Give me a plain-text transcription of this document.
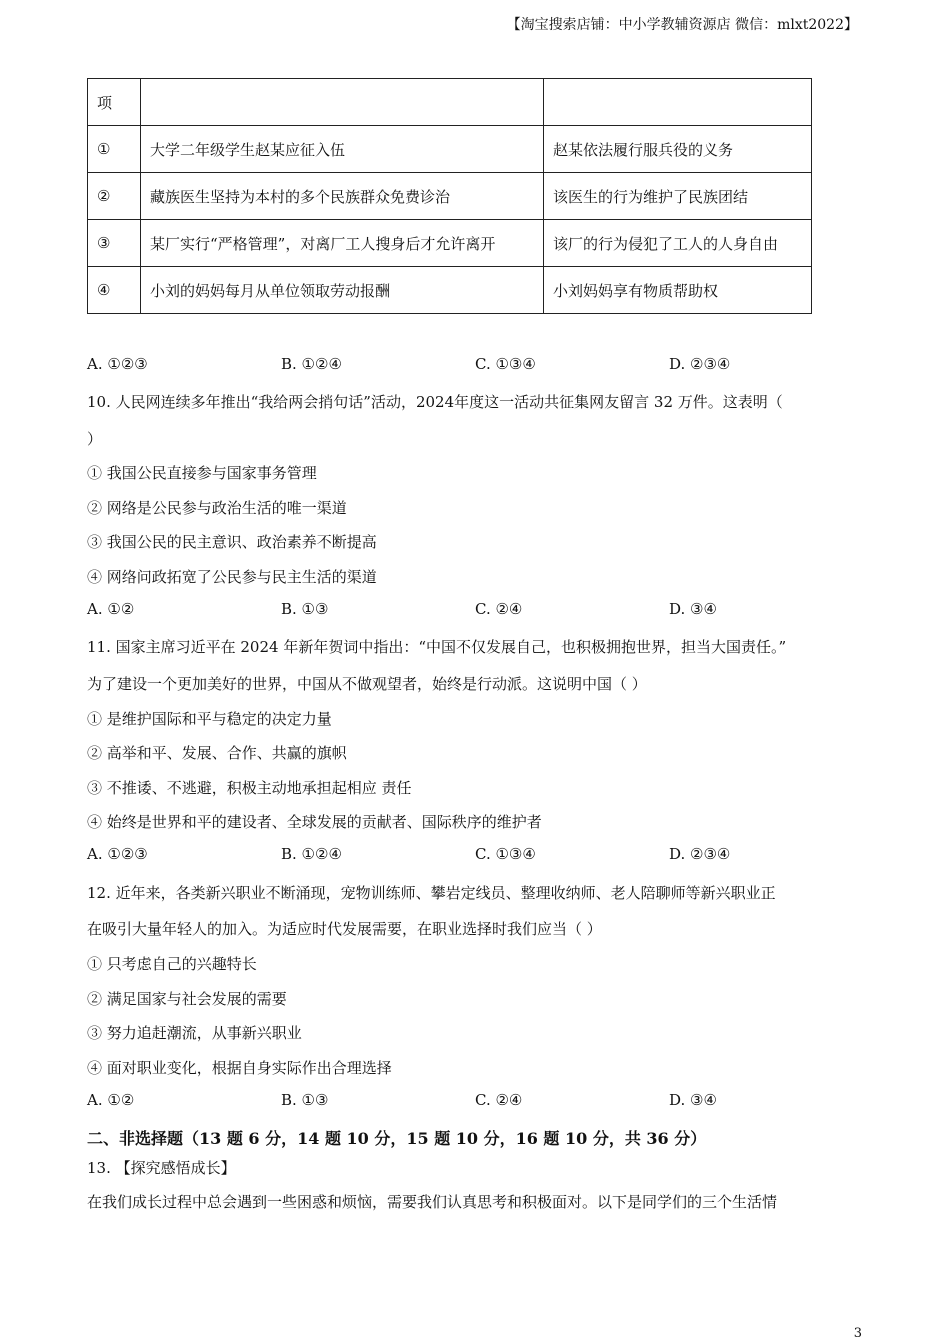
【淘宝搜索店铺：中小学教辅资源店 微信：mlxt2022】
项		
①	大学二年级学生赵某应征入伍	赵某依法履行服兵役的义务
②	藏族医生坚持为本村的多个民族群众免费诊治	该医生的行为维护了民族团结
③	某厂实行“严格管理”，对离厂工人搜身后才允许离开	该厂的行为侵犯了工人的人身自由
④	小刘的妈妈每月从单位领取劳动报酬	小刘妈妈享有物质帮助权
A. ①②③	B. ①②④	C. ①③④	D. ②③④
10. 人民网连续多年推出“我给两会捎句话”活动，2024年度这一活动共征集网友留言 32 万件。这表明（
）
① 我国公民直接参与国家事务管理
② 网络是公民参与政治生活的唯一渠道
③ 我国公民的民主意识、政治素养不断提高
④ 网络问政拓宽了公民参与民主生活的渠道
A. ①②	B. ①③	C. ②④	D. ③④
11. 国家主席习近平在 2024 年新年贺词中指出：“中国不仅发展自己，也积极拥抱世界，担当大国责任。”
为了建设一个更加美好的世界，中国从不做观望者，始终是行动派。这说明中国（ ）
① 是维护国际和平与稳定的决定力量
② 高举和平、发展、合作、共赢的旗帜
③ 不推诿、不逃避，积极主动地承担起相应 责任
④ 始终是世界和平的建设者、全球发展的贡献者、国际秩序的维护者
A. ①②③	B. ①②④	C. ①③④	D. ②③④
12. 近年来，各类新兴职业不断涌现，宠物训练师、攀岩定线员、整理收纳师、老人陪聊师等新兴职业正
在吸引大量年轻人的加入。为适应时代发展需要，在职业选择时我们应当（ ）
① 只考虑自己的兴趣特长
② 满足国家与社会发展的需要
③ 努力追赶潮流，从事新兴职业
④ 面对职业变化，根据自身实际作出合理选择
A. ①②	B. ①③	C. ②④	D. ③④
二、非选择题（13 题 6 分，14 题 10 分，15 题 10 分，16 题 10 分，共 36 分）
13. 【探究感悟成长】
在我们成长过程中总会遇到一些困惑和烦恼，需要我们认真思考和积极面对。以下是同学们的三个生活情
3
